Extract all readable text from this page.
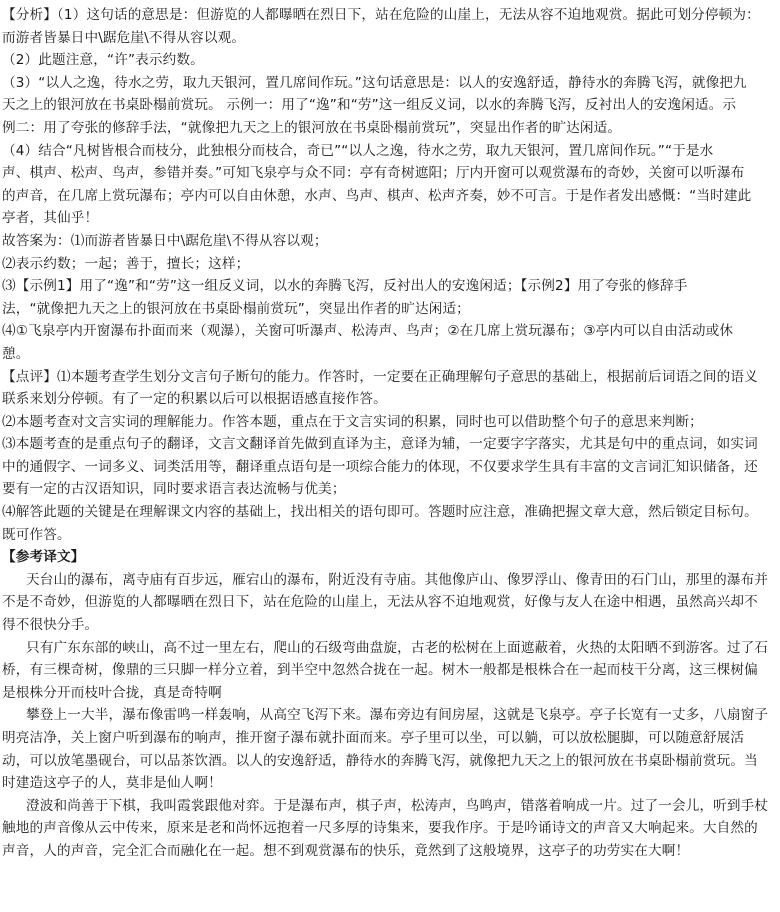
【分析】（1）这句话的意思是：但游览的人都曝晒在烈日下，站在危险的山崖上，无法从容不迫地观赏。据此可划分停顿为：
而游者皆暴日中\踞危崖\不得从容以观。
（2）此题注意，“许”表示约数。
（3）“以人之逸，待水之劳，取九天银河，置几席间作玩。”这句话意思是：以人的安逸舒适，静待水的奔腾飞泻，就像把九
天之上的银河放在书桌卧榻前赏玩。 示例一：用了“逸”和“劳”这一组反义词，以水的奔腾飞泻，反衬出人的安逸闲适。示
例二：用了夸张的修辞手法，“就像把九天之上的银河放在书桌卧榻前赏玩”，突显出作者的旷达闲适。
（4）结合“凡树皆根合而枝分，此独根分而枝合，奇已”“以人之逸，待水之劳，取九天银河，置几席间作玩。”“于是水
声、棋声、松声、鸟声，参错并奏。”可知飞泉亭与众不同：亭有奇树遮阳；厅内开窗可以观赏瀑布的奇妙，关窗可以听瀑布
的声音，在几席上赏玩瀑布；亭内可以自由休憩，水声、鸟声、棋声、松声齐奏，妙不可言。于是作者发出感慨：“当时建此
亭者，其仙乎！
故答案为：⑴而游者皆暴日中\踞危崖\不得从容以观；
⑵表示约数；一起；善于，擅长；这样；
⑶【示例1】用了“逸”和“劳”这一组反义词，以水的奔腾飞泻，反衬出人的安逸闲适；【示例2】用了夸张的修辞手
法，“就像把九天之上的银河放在书桌卧榻前赏玩”，突显出作者的旷达闲适；
⑷①飞泉亭内开窗瀑布扑面而来（观瀑），关窗可听瀑声、松涛声、鸟声；②在几席上赏玩瀑布；③亭内可以自由活动或休
憩。
【点评】⑴本题考查学生划分文言句子断句的能力。作答时，一定要在正确理解句子意思的基础上，根据前后词语之间的语义
联系来划分停顿。有了一定的积累以后可以根据语感直接作答。
⑵本题考查对文言实词的理解能力。作答本题，重点在于文言实词的积累，同时也可以借助整个句子的意思来判断；
⑶本题考查的是重点句子的翻译，文言文翻译首先做到直译为主，意译为辅，一定要字字落实，尤其是句中的重点词，如实词
中的通假字、一词多义、词类活用等，翻译重点语句是一项综合能力的体现，不仅要求学生具有丰富的文言词汇知识储备，还
要有一定的古汉语知识，同时要求语言表达流畅与优美；
⑷解答此题的关键是在理解课文内容的基础上，找出相关的语句即可。答题时应注意，准确把握文章大意，然后锁定目标句。
既可作答。
【参考译文】
天台山的瀑布，离寺庙有百步远，雁宕山的瀑布，附近没有寺庙。其他像庐山、像罗浮山、像青田的石门山，那里的瀑布并
不是不奇妙，但游览的人都曝晒在烈日下，站在危险的山崖上，无法从容不迫地观赏，好像与友人在途中相遇，虽然高兴却不
得不很快分手。
只有广东东部的峡山，高不过一里左右，爬山的石级弯曲盘旋，古老的松树在上面遮蔽着，火热的太阳晒不到游客。过了石
桥，有三棵奇树，像鼎的三只脚一样分立着，到半空中忽然合拢在一起。树木一般都是根株合在一起而枝干分离，这三棵树偏
是根株分开而枝叶合拢，真是奇特啊
攀登上一大半，瀑布像雷鸣一样轰响，从高空飞泻下来。瀑布旁边有间房屋，这就是飞泉亭。亭子长宽有一丈多，八扇窗子
明亮洁净，关上窗户听到瀑布的响声，推开窗子瀑布就扑面而来。亭子里可以坐，可以躺，可以放松腿脚，可以随意舒展活
动，可以放笔墨砚台，可以品茶饮酒。以人的安逸舒适，静待水的奔腾飞泻，就像把九天之上的银河放在书桌卧榻前赏玩。当
时建造这亭子的人，莫非是仙人啊！
澄波和尚善于下棋，我叫霞裳跟他对弈。于是瀑布声，棋子声，松涛声，鸟鸣声，错落着响成一片。过了一会儿，听到手杖
触地的声音像从云中传来，原来是老和尚怀远抱着一尺多厚的诗集来，要我作序。于是吟诵诗文的声音又大响起来。大自然的
声音，人的声音，完全汇合而融化在一起。想不到观赏瀑布的快乐，竟然到了这般境界，这亭子的功劳实在大啊！
